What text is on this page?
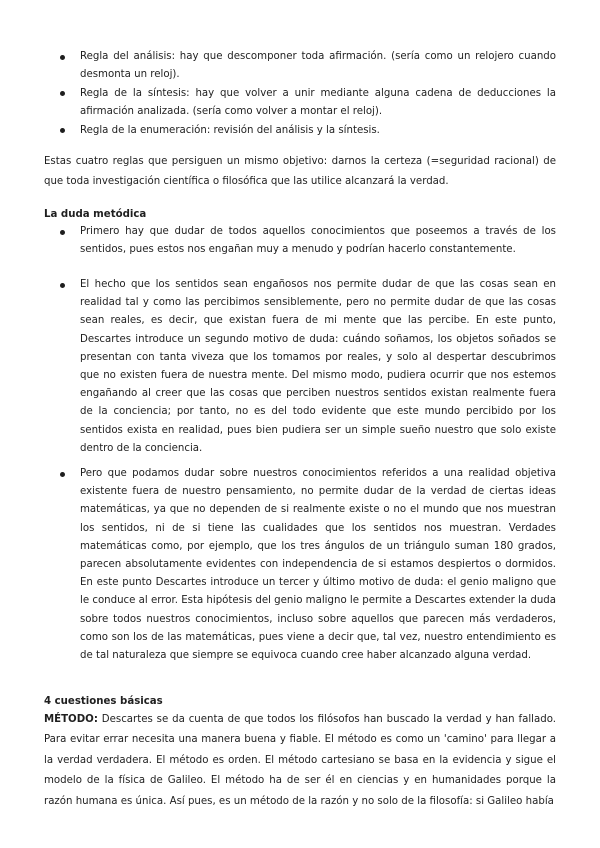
Regla del análisis: hay que descomponer toda afirmación. (sería como un relojero cuando desmonta un reloj).
Regla de la síntesis: hay que volver a unir mediante alguna cadena de deducciones la afirmación analizada. (sería como volver a montar el reloj).
Regla de la enumeración: revisión del análisis y la síntesis.

Estas cuatro reglas que persiguen un mismo objetivo: darnos la certeza (=seguridad racional) de que toda investigación científica o filosófica que las utilice alcanzará la verdad.

La duda metódica

Primero hay que dudar de todos aquellos conocimientos que poseemos a través de los sentidos, pues estos nos engañan muy a menudo y podrían hacerlo constantemente.
El hecho que los sentidos sean engañosos nos permite dudar de que las cosas sean en realidad tal y como las percibimos sensiblemente, pero no permite dudar de que las cosas sean reales, es decir, que existan fuera de mi mente que las percibe. En este punto, Descartes introduce un segundo motivo de duda: cuándo soñamos, los objetos soñados se presentan con tanta viveza que los tomamos por reales, y solo al despertar descubrimos que no existen fuera de nuestra mente. Del mismo modo, pudiera ocurrir que nos estemos engañando al creer que las cosas que perciben nuestros sentidos existan realmente fuera de la conciencia; por tanto, no es del todo evidente que este mundo percibido por los sentidos exista en realidad, pues bien pudiera ser un simple sueño nuestro que solo existe dentro de la conciencia.
Pero que podamos dudar sobre nuestros conocimientos referidos a una realidad objetiva existente fuera de nuestro pensamiento, no permite dudar de la verdad de ciertas ideas matemáticas, ya que no dependen de si realmente existe o no el mundo que nos muestran los sentidos, ni de si tiene las cualidades que los sentidos nos muestran. Verdades matemáticas como, por ejemplo, que los tres ángulos de un triángulo suman 180 grados, parecen absolutamente evidentes con independencia de si estamos despiertos o dormidos. En este punto Descartes introduce un tercer y último motivo de duda: el genio maligno que le conduce al error. Esta hipótesis del genio maligno le permite a Descartes extender la duda sobre todos nuestros conocimientos, incluso sobre aquellos que parecen más verdaderos, como son los de las matemáticas, pues viene a decir que, tal vez, nuestro entendimiento es de tal naturaleza que siempre se equivoca cuando cree haber alcanzado alguna verdad.

4 cuestiones básicas

MÉTODO: Descartes se da cuenta de que todos los filósofos han buscado la verdad y han fallado. Para evitar errar necesita una manera buena y fiable. El método es como un 'camino' para llegar a la verdad verdadera. El método es orden. El método cartesiano se basa en la evidencia y sigue el modelo de la física de Galileo. El método ha de ser él en ciencias y en humanidades porque la razón humana es única. Así pues, es un método de la razón y no solo de la filosofía: si Galileo había
